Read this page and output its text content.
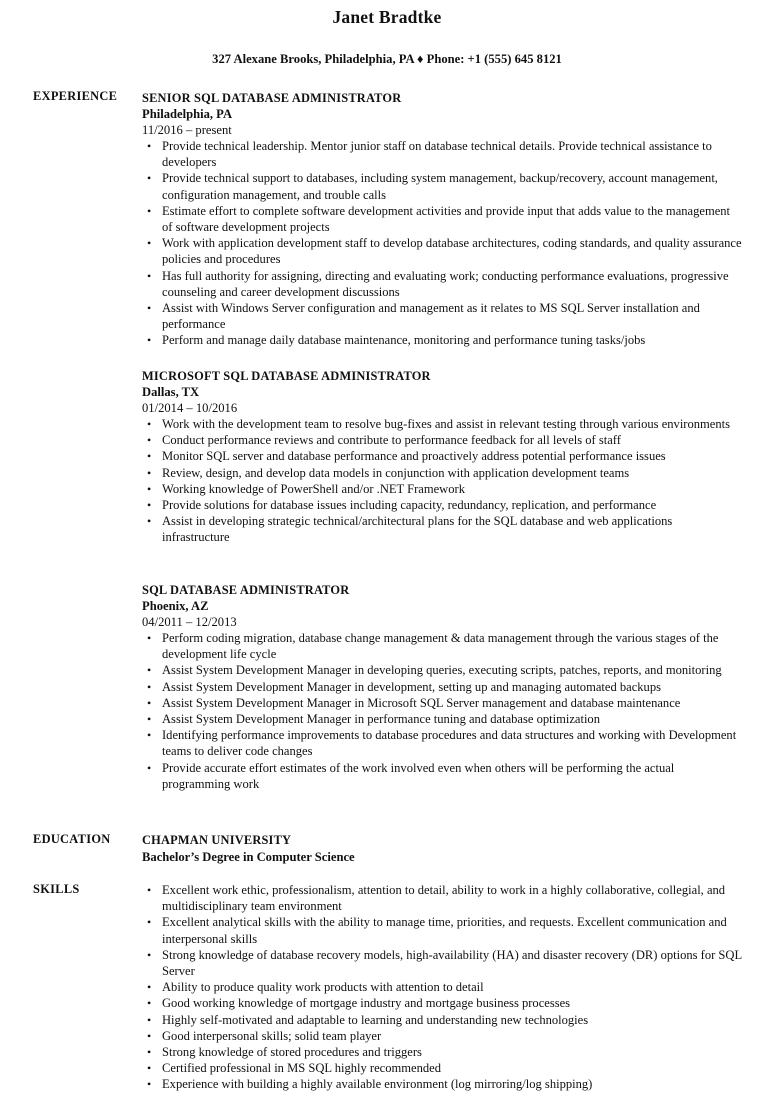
Janet Bradtke
327 Alexane Brooks, Philadelphia, PA ♦ Phone: +1 (555) 645 8121
EXPERIENCE SENIOR SQL DATABASE ADMINISTRATOR
Philadelphia, PA
11/2016 – present
• Provide technical leadership. Mentor junior staff on database technical details. Provide technical assistance to developers
• Provide technical support to databases, including system management, backup/recovery, account management, configuration management, and trouble calls
• Estimate effort to complete software development activities and provide input that adds value to the management of software development projects
• Work with application development staff to develop database architectures, coding standards, and quality assurance policies and procedures
• Has full authority for assigning, directing and evaluating work; conducting performance evaluations, progressive counseling and career development discussions
• Assist with Windows Server configuration and management as it relates to MS SQL Server installation and performance
• Perform and manage daily database maintenance, monitoring and performance tuning tasks/jobs
MICROSOFT SQL DATABASE ADMINISTRATOR
Dallas, TX
01/2014 – 10/2016
• Work with the development team to resolve bug-fixes and assist in relevant testing through various environments
• Conduct performance reviews and contribute to performance feedback for all levels of staff
• Monitor SQL server and database performance and proactively address potential performance issues
• Review, design, and develop data models in conjunction with application development teams
• Working knowledge of PowerShell and/or .NET Framework
• Provide solutions for database issues including capacity, redundancy, replication, and performance
• Assist in developing strategic technical/architectural plans for the SQL database and web applications infrastructure
SQL DATABASE ADMINISTRATOR
Phoenix, AZ
04/2011 – 12/2013
• Perform coding migration, database change management & data management through the various stages of the development life cycle
• Assist System Development Manager in developing queries, executing scripts, patches, reports, and monitoring
• Assist System Development Manager in development, setting up and managing automated backups
• Assist System Development Manager in Microsoft SQL Server management and database maintenance
• Assist System Development Manager in performance tuning and database optimization
• Identifying performance improvements to database procedures and data structures and working with Development teams to deliver code changes
• Provide accurate effort estimates of the work involved even when others will be performing the actual programming work
EDUCATION	CHAPMAN UNIVERSITY
Bachelor’s Degree in Computer Science
SKILLS
•	Excellent work ethic, professionalism, attention to detail, ability to work in a highly collaborative, collegial, and multidisciplinary team environment
• Excellent analytical skills with the ability to manage time, priorities, and requests. Excellent communication and interpersonal skills
• Strong knowledge of database recovery models, high-availability (HA) and disaster recovery (DR) options for SQL Server
• Ability to produce quality work products with attention to detail
• Good working knowledge of mortgage industry and mortgage business processes
• Highly self-motivated and adaptable to learning and understanding new technologies
• Good interpersonal skills; solid team player
• Strong knowledge of stored procedures and triggers
• Certified professional in MS SQL highly recommended
• Experience with building a highly available environment (log mirroring/log shipping)
